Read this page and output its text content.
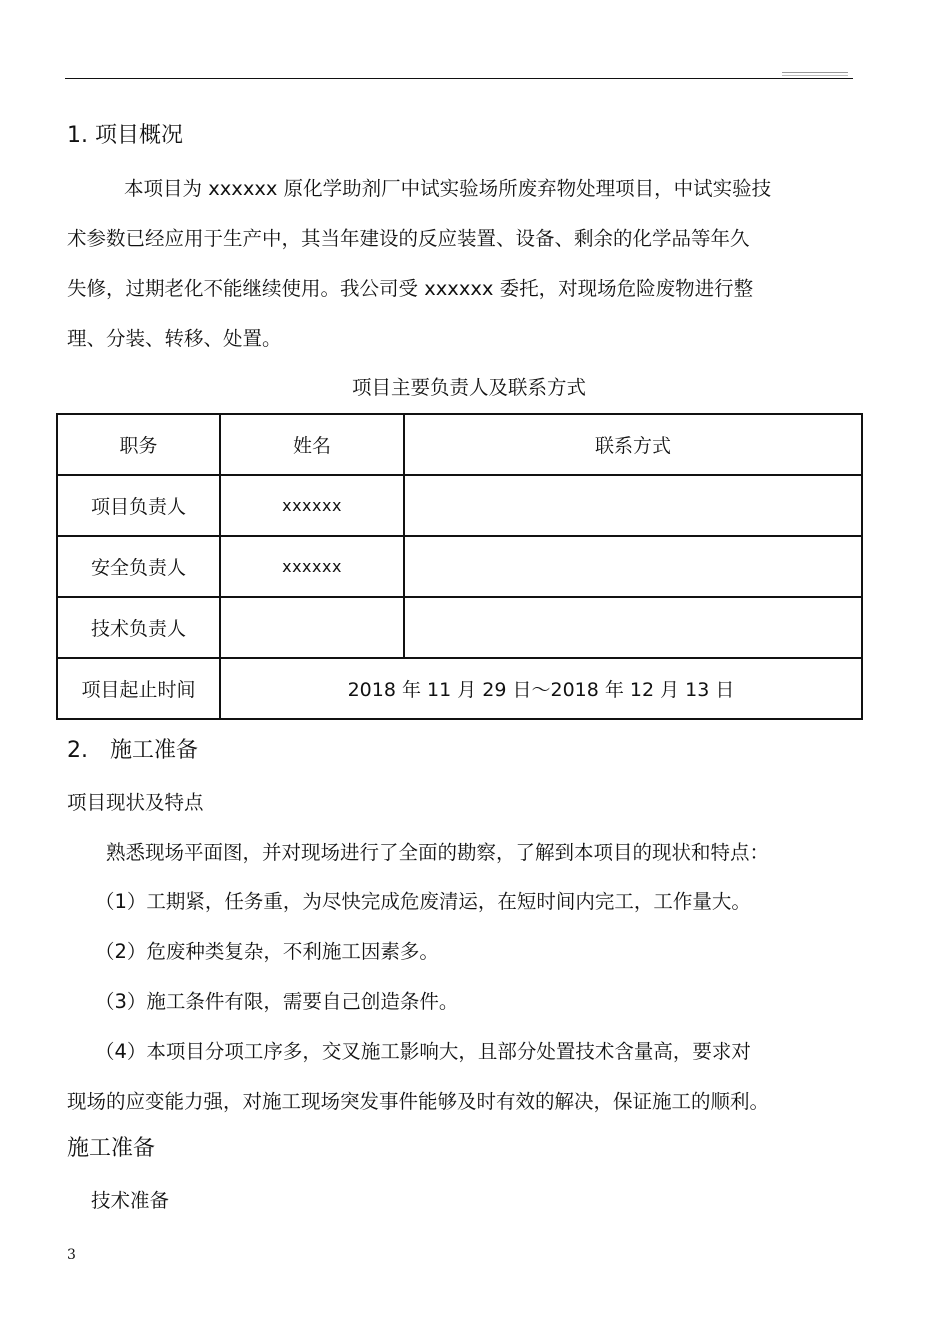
1. 项目概况
本项目为 xxxxxx 原化学助剂厂中试实验场所废弃物处理项目，中试实验技
术参数已经应用于生产中，其当年建设的反应装置、设备、剩余的化学品等年久
失修，过期老化不能继续使用。我公司受 xxxxxx 委托，对现场危险废物进行整
理、分装、转移、处置。
项目主要负责人及联系方式
职务	姓名	联系方式
项目负责人	xxxxxx	
安全负责人	xxxxxx	
技术负责人		
项目起止时间	2018 年 11 月 29 日～2018 年 12 月 13 日	
2.　施工准备
项目现状及特点
熟悉现场平面图，并对现场进行了全面的勘察，了解到本项目的现状和特点：
（1）工期紧，任务重，为尽快完成危废清运，在短时间内完工，工作量大。
（2）危废种类复杂，不利施工因素多。
（3）施工条件有限，需要自己创造条件。
（4）本项目分项工序多，交叉施工影响大，且部分处置技术含量高，要求对
现场的应变能力强，对施工现场突发事件能够及时有效的解决，保证施工的顺利。
施工准备
技术准备
3
